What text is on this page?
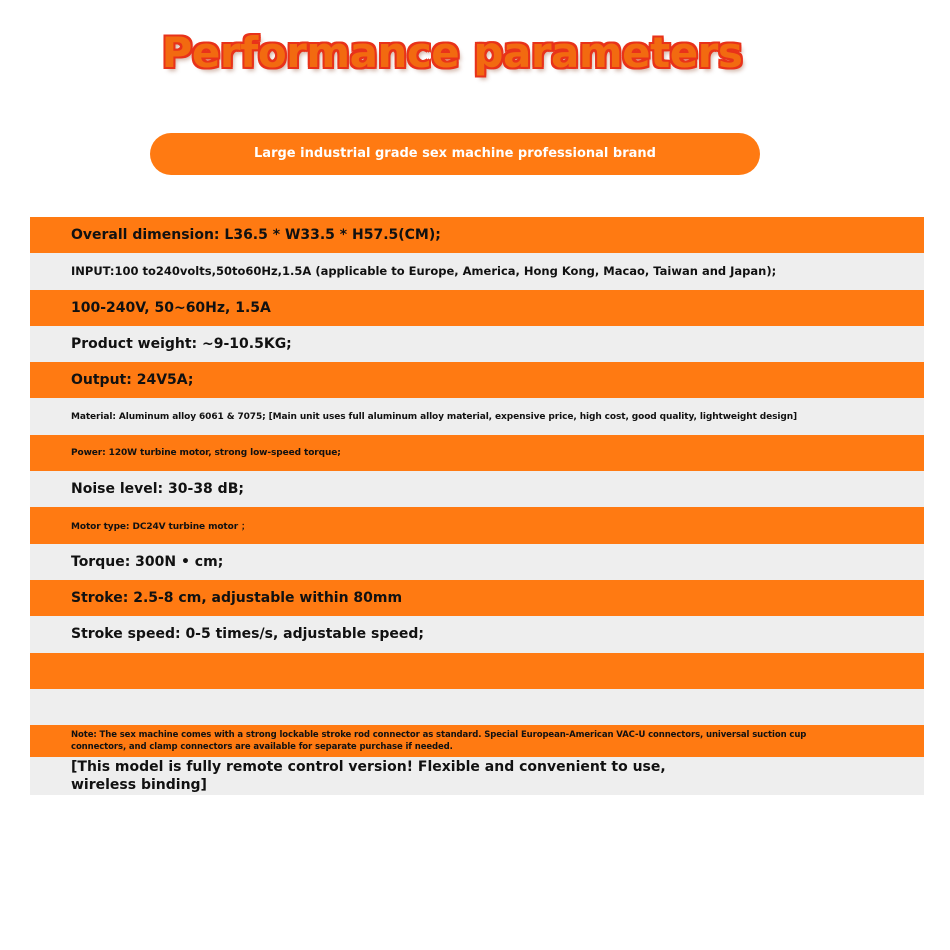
Performance parameters
Large industrial grade sex machine professional brand
Overall dimension: L36.5 * W33.5 * H57.5(CM);
INPUT:100 to240volts,50to60Hz,1.5A (applicable to Europe, America, Hong Kong, Macao, Taiwan and Japan);
100-240V, 50~60Hz, 1.5A
Product weight: ~9-10.5KG;
Output: 24V5A;
Material: Aluminum alloy 6061 & 7075; [Main unit uses full aluminum alloy material, expensive price, high cost, good quality, lightweight design]
Power: 120W turbine motor, strong low-speed torque;
Noise level: 30-38 dB;
Motor type: DC24V turbine motor ；
Torque: 300N • cm;
Stroke: 2.5-8 cm, adjustable within 80mm
Stroke speed: 0-5 times/s, adjustable speed;
Note: The sex machine comes with a strong lockable stroke rod connector as standard. Special European-American VAC-U connectors, universal suction cup connectors, and clamp connectors are available for separate purchase if needed.
[This model is fully remote control version! Flexible and convenient to use, wireless binding]
